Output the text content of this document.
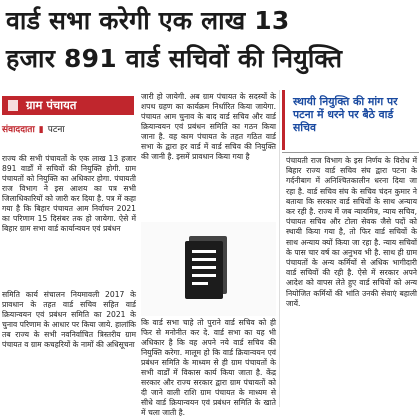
वार्ड सभा करेगी एक लाख 13
हजार 891 वार्ड सचिवों की नियुक्ति
ग्राम पंचायत
संवाददाता ▮ पटना
राज्य की सभी पंचायतों के एक लाख 13 हजार 891 वार्डों में सचिवों की नियुक्ति होगी. ग्राम पंचायतों को नियुक्ति का अधिकार होगा. पंचायती राज विभाग ने इस आशय का पत्र सभी जिलाधिकारियों को जारी कर दिया है. पत्र में कहा गया है कि बिहार पंचायत आम निर्वाचन 2021 का परिणाम 15 दिसंबर तक हो जायेगा. ऐसे में बिहार ग्राम सभा वार्ड कार्यान्वयन एवं प्रबंधन
समिति कार्य संचालन नियमावली 2017 के प्रावधान के तहत वार्ड सचिव सहित वार्ड क्रियान्वयन एवं प्रबंधन समिति का 2021 के चुनाव परिणाम के आधार पर किया जाये. हालांकि तब राज्य के सभी नवनिर्वाचित त्रिस्तरीय ग्राम पंचायत व ग्राम कचहरियों के नामों की अधिसूचना
जारी हो जायेगी. अब ग्राम पंचायत के सदस्यों के शपथ ग्रहण का कार्यक्रम निर्धारित किया जायेगा. पंचायत आम चुनाव के बाद वार्ड सचिव और वार्ड क्रियान्वयन एवं प्रबंधन समिति का गठन किया जाना है. वह काम पंचायत के तहत गठित वार्ड सभा के द्वारा हर वार्ड में वार्ड सचिव की नियुक्ति की जानी है. इसमें प्रावधान किया गया है
कि वार्ड सभा चाहे तो पुराने वार्ड सचिव को ही फिर से मनोनीत कर दे. वार्ड सभा का यह भी अधिकार है कि वह अपने नये वार्ड सचिव की नियुक्ति करेगा. मालूम हो कि वार्ड क्रियान्वयन एवं प्रबंधन समिति के माध्यम से ही ग्राम पंचायतों के सभी वार्डों में विकास कार्य किया जाता है. केंद्र सरकार और राज्य सरकार द्वारा ग्राम पंचायतों को दी जाने वाली राशि ग्राम पंचायत के माध्यम से सीधे वार्ड क्रियान्वयन एवं प्रबंधन समिति के खाते में चला जाती है.
स्थायी नियुक्ति की मांग पर पटना में धरने पर बैठे वार्ड सचिव
पंचायती राज विभाग के इस निर्णय के विरोध में बिहार राज्य वार्ड सचिव संघ द्वारा पटना के गर्दनीबाग में अनिश्चितकालीन धरना दिया जा रहा है. वार्ड सचिव संघ के सचिव चंदन कुमार ने बताया कि सरकार वार्ड सचिवों के साथ अन्याय कर रही है. राज्य में जब न्यायमित्र, न्याय सचिव, पंचायत सचिव और टोला सेवक जैसे पदों को स्थायी किया गया है, तो फिर वार्ड सचिवों के साथ अन्याय क्यों किया जा रहा है. न्याय सचिवों के पास चार वर्ष का अनुभव भी है. साथ ही ग्राम पंचायतों के अन्य कर्मियों से अधिक भागीदारी वार्ड सचिवों की रही है. ऐसे में सरकार अपने आदेश को वापस लेते हुए वार्ड सचिवों को अन्य नियोजित कर्मियों की भांति उनकी सेवाएं बहाली जायें.
